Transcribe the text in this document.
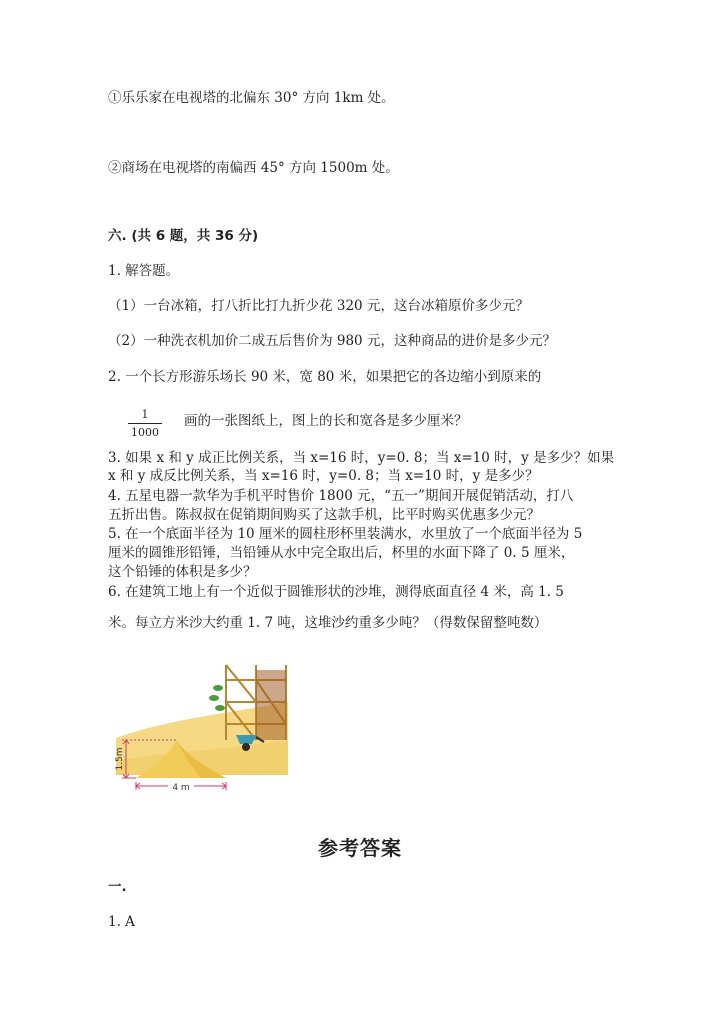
①乐乐家在电视塔的北偏东 30° 方向 1km 处。
②商场在电视塔的南偏西 45° 方向 1500m 处。
六. (共 6 题，共 36 分)
1. 解答题。
（1）一台冰箱，打八折比打九折少花 320 元，这台冰箱原价多少元？
（2）一种洗衣机加价二成五后售价为 980 元，这种商品的进价是多少元？
2. 一个长方形游乐场长 90 米，宽 80 米，如果把它的各边缩小到原来的
1
1000
画的一张图纸上，图上的长和宽各是多少厘米？
3. 如果 x 和 y 成正比例关系，当 x=16 时，y=0. 8；当 x=10 时，y 是多少？如果
x 和 y 成反比例关系，当 x=16 时，y=0. 8；当 x=10 时，y 是多少？
4. 五星电器一款华为手机平时售价 1800 元，“五一”期间开展促销活动，打八
五折出售。陈叔叔在促销期间购买了这款手机，比平时购买优惠多少元？
5. 在一个底面半径为 10 厘米的圆柱形杯里装满水，水里放了一个底面半径为 5
厘米的圆锥形铅锤，当铅锤从水中完全取出后，杯里的水面下降了 0. 5 厘米，
这个铅锤的体积是多少？
6. 在建筑工地上有一个近似于圆锥形状的沙堆，测得底面直径 4 米，高 1. 5
米。每立方米沙大约重 1. 7 吨，这堆沙约重多少吨？（得数保留整吨数）
1.5m
4 m
参考答案
一.
1. A
